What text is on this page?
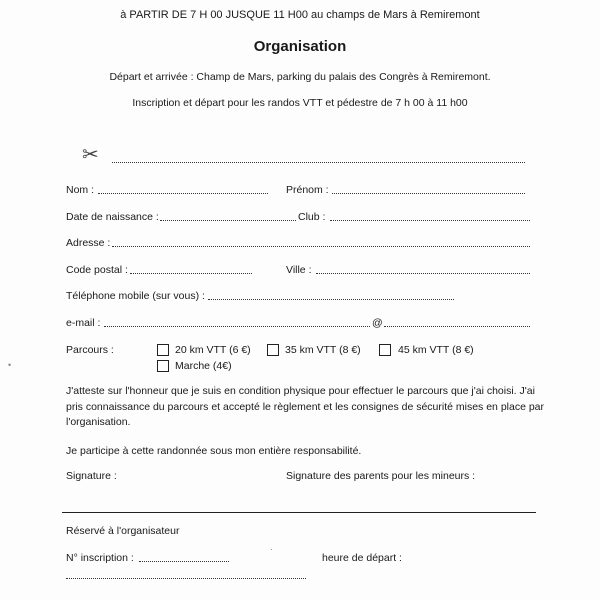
à PARTIR DE 7 H 00 JUSQUE 11 H00 au champs de Mars à Remiremont
Organisation
Départ et arrivée : Champ de Mars, parking du palais des Congrès à Remiremont.
Inscription et départ pour les randos VTT et pédestre de 7 h 00 à 11 h00
✂
Nom :	Prénom :
Date de naissance :	Club :
Adresse :
Code postal :	Ville :
Téléphone mobile (sur vous) :
e-mail :	@
Parcours :	20 km VTT (6 €)	35 km VTT (8 €)	45 km VTT (8 €)
Marche (4€)
J'atteste sur l'honneur que je suis en condition physique pour effectuer le parcours que j'ai choisi. J'ai pris connaissance du parcours et accepté le règlement et les consignes de sécurité mises en place par l'organisation.
Je participe à cette randonnée sous mon entière responsabilité.
Signature :	Signature des parents pour les mineurs :
Réservé à l'organisateur
N° inscription :	heure de départ :
•
·
